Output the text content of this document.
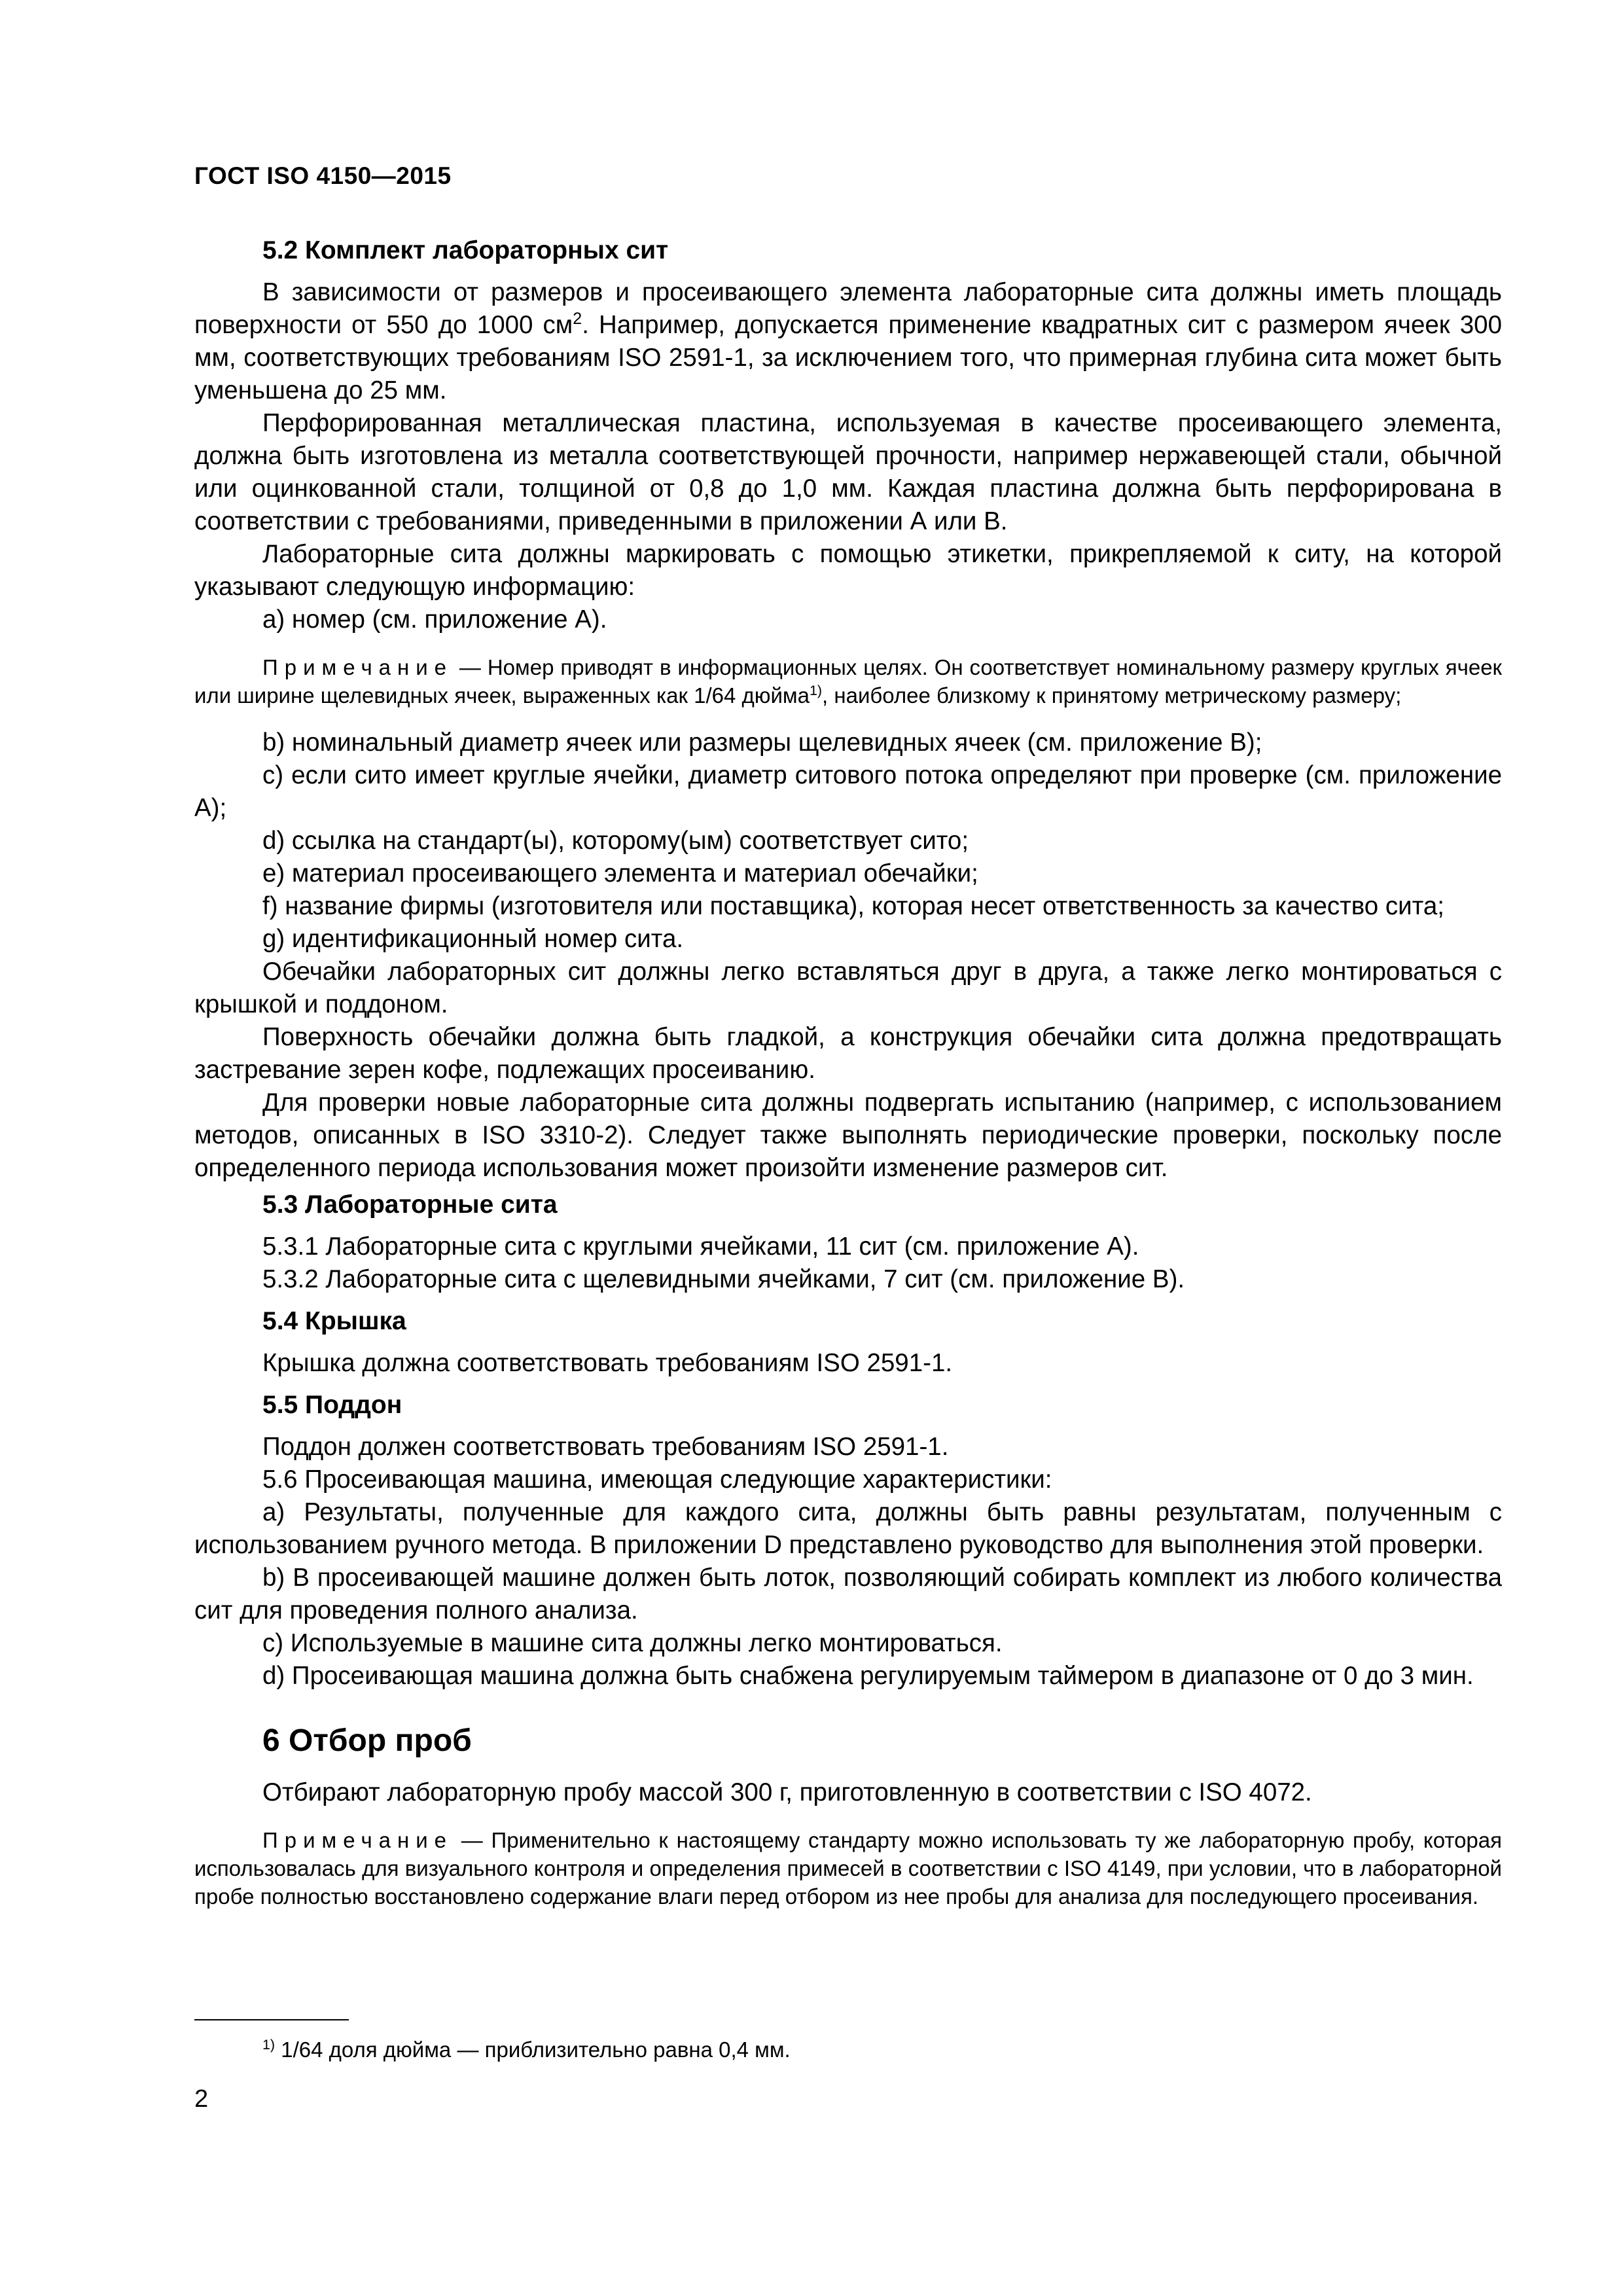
ГОСТ ISO 4150—2015
5.2 Комплект лабораторных сит

В зависимости от размеров и просеивающего элемента лабораторные сита должны иметь площадь поверхности от 550 до 1000 $см^2$. Например, допускается применение квадратных сит с размером ячеек 300 мм, соответствующих требованиям ISO 2591-1, за исключением того, что примерная глубина сита может быть уменьшена до 25 мм.

Перфорированная металлическая пластина, используемая в качестве просеивающего элемента, должна быть изготовлена из металла соответствующей прочности, например нержавеющей стали, обычной или оцинкованной стали, толщиной от 0,8 до 1,0 мм. Каждая пластина должна быть перфорирована в соответствии с требованиями, приведенными в приложении А или В.

Лабораторные сита должны маркировать с помощью этикетки, прикрепляемой к ситу, на которой указывают следующую информацию:

a) номер (см. приложение А).

Примечание — Номер приводят в информационных целях. Он соответствует номинальному размеру круглых ячеек или ширине щелевидных ячеек, выраженных как 1/64 дюйма$^{1)}$, наиболее близкому к принятому метрическому размеру;

b) номинальный диаметр ячеек или размеры щелевидных ячеек (см. приложение В);

c) если сито имеет круглые ячейки, диаметр ситового потока определяют при проверке (см. приложение А);

d) ссылка на стандарт(ы), которому(ым) соответствует сито;

e) материал просеивающего элемента и материал обечайки;

f) название фирмы (изготовителя или поставщика), которая несет ответственность за качество сита;

g) идентификационный номер сита.

Обечайки лабораторных сит должны легко вставляться друг в друга, а также легко монтироваться с крышкой и поддоном.

Поверхность обечайки должна быть гладкой, а конструкция обечайки сита должна предотвращать застревание зерен кофе, подлежащих просеиванию.

Для проверки новые лабораторные сита должны подвергать испытанию (например, с использованием методов, описанных в ISO 3310-2). Следует также выполнять периодические проверки, поскольку после определенного периода использования может произойти изменение размеров сит.

5.3 Лабораторные сита

5.3.1 Лабораторные сита с круглыми ячейками, 11 сит (см. приложение А).

5.3.2 Лабораторные сита с щелевидными ячейками, 7 сит (см. приложение В).

5.4 Крышка

Крышка должна соответствовать требованиям ISO 2591-1.

5.5 Поддон

Поддон должен соответствовать требованиям ISO 2591-1.

5.6 Просеивающая машина, имеющая следующие характеристики:

a) Результаты, полученные для каждого сита, должны быть равны результатам, полученным с использованием ручного метода. В приложении D представлено руководство для выполнения этой проверки.

b) В просеивающей машине должен быть лоток, позволяющий собирать комплект из любого количества сит для проведения полного анализа.

c) Используемые в машине сита должны легко монтироваться.

d) Просеивающая машина должна быть снабжена регулируемым таймером в диапазоне от 0 до 3 мин.

6 Отбор проб

Отбирают лабораторную пробу массой 300 г, приготовленную в соответствии с ISO 4072.

Примечание — Применительно к настоящему стандарту можно использовать ту же лабораторную пробу, которая использовалась для визуального контроля и определения примесей в соответствии с ISO 4149, при условии, что в лабораторной пробе полностью восстановлено содержание влаги перед отбором из нее пробы для анализа для последующего просеивания.

$^{1)}$ 1/64 доля дюйма — приблизительно равна 0,4 мм.
2
